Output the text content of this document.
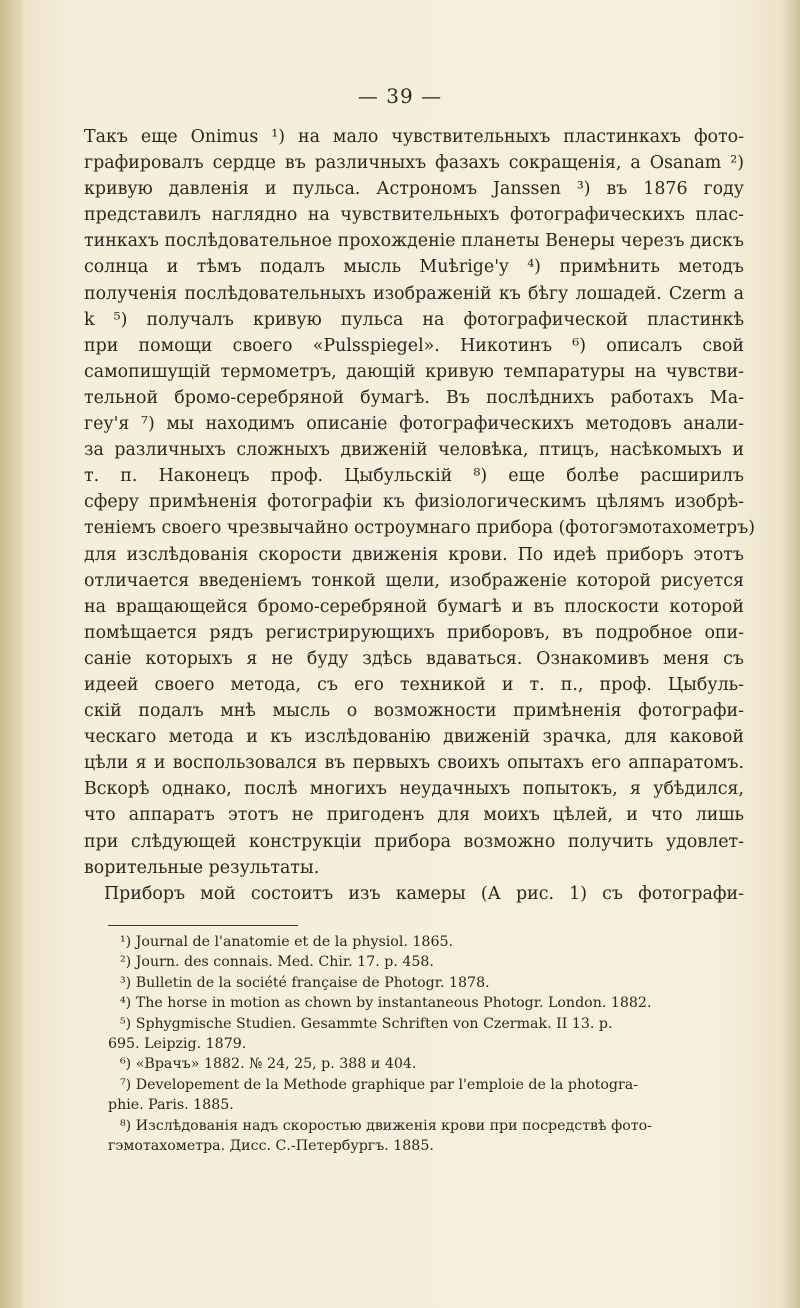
— 39 —
Такъ еще Onimus ¹) на мало чувствительныхъ пластинкахъ фото-
графировалъ сердце въ различныхъ фазахъ сокращенія, a Osanam ²)
кривую давленія и пульса. Астрономъ Janssen ³) въ 1876 году
представилъ наглядно на чувствительныхъ фотографическихъ плас-
тинкахъ послѣдовательное прохожденіе планеты Венеры черезъ дискъ
солнца и тѣмъ подалъ мысль Мuѣrige'y ⁴) примѣнить методъ
полученія послѣдовательныхъ изображеній къ бѣгу лошадей. Czerm a k ⁵) получалъ кривую пульса на фотографической пластинкѣ
при помощи своего «Pulsspiegel». Никотинъ ⁶) описалъ свой
самопишущій термометръ, дающій кривую темпаратуры на чувстви-
тельной бромо-серебряной бумагѣ. Въ послѣднихъ работахъ Ма-
геу'я ⁷) мы находимъ описаніе фотографическихъ методовъ анали-
за различныхъ сложныхъ движеній человѣка, птицъ, насѣкомыхъ и
т. п. Наконецъ проф. Цыбульскій ⁸) еще болѣе расширилъ
сферу примѣненія фотографіи къ физіологическимъ цѣлямъ изобрѣ-
теніемъ своего чрезвычайно остроумнаго прибора (фотогэмотахометръ)
для изслѣдованія скорости движенія крови. По идеѣ приборъ этотъ
отличается введеніемъ тонкой щели, изображеніе которой рисуется
на вращающейся бромо-серебряной бумагѣ и въ плоскости которой
помѣщается рядъ регистрирующихъ приборовъ, въ подробное опи-
саніе которыхъ я не буду здѣсь вдаваться. Ознакомивъ меня съ
идеей своего метода, съ его техникой и т. п., проф. Цыбуль-
скій подалъ мнѣ мысль о возможности примѣненія фотографи-
ческаго метода и къ изслѣдованію движеній зрачка, для каковой
цѣли я и воспользовался въ первыхъ своихъ опытахъ его аппаратомъ.
Вскорѣ однако, послѣ многихъ неудачныхъ попытокъ, я убѣдился,
что аппаратъ этотъ не пригоденъ для моихъ цѣлей, и что лишь
при слѣдующей конструкціи прибора возможно получить удовлет-
ворительные результаты.
Приборъ мой состоитъ изъ камеры (А рис. 1) съ фотографи-
¹) Journal de l'anatomie et de la physiol. 1865.
²) Journ. des connais. Med. Chir. 17. p. 458.
³) Bulletin de la société française de Photogr. 1878.
⁴) The horse in motion as chown by instantaneous Photogr. London. 1882.
⁵) Sphygmische Studien. Gesammte Schriften von Czermak. II 13. p.
695. Leipzig. 1879.
⁶) «Врачъ» 1882. № 24, 25, p. 388 и 404.
⁷) Developement de la Methode graphique par l'emploie de la photogra-
phie. Paris. 1885.
⁸) Изслѣдованія надъ скоростью движенія крови при посредствѣ фото-
гэмотахометра. Дисс. С.-Петербургъ. 1885.
